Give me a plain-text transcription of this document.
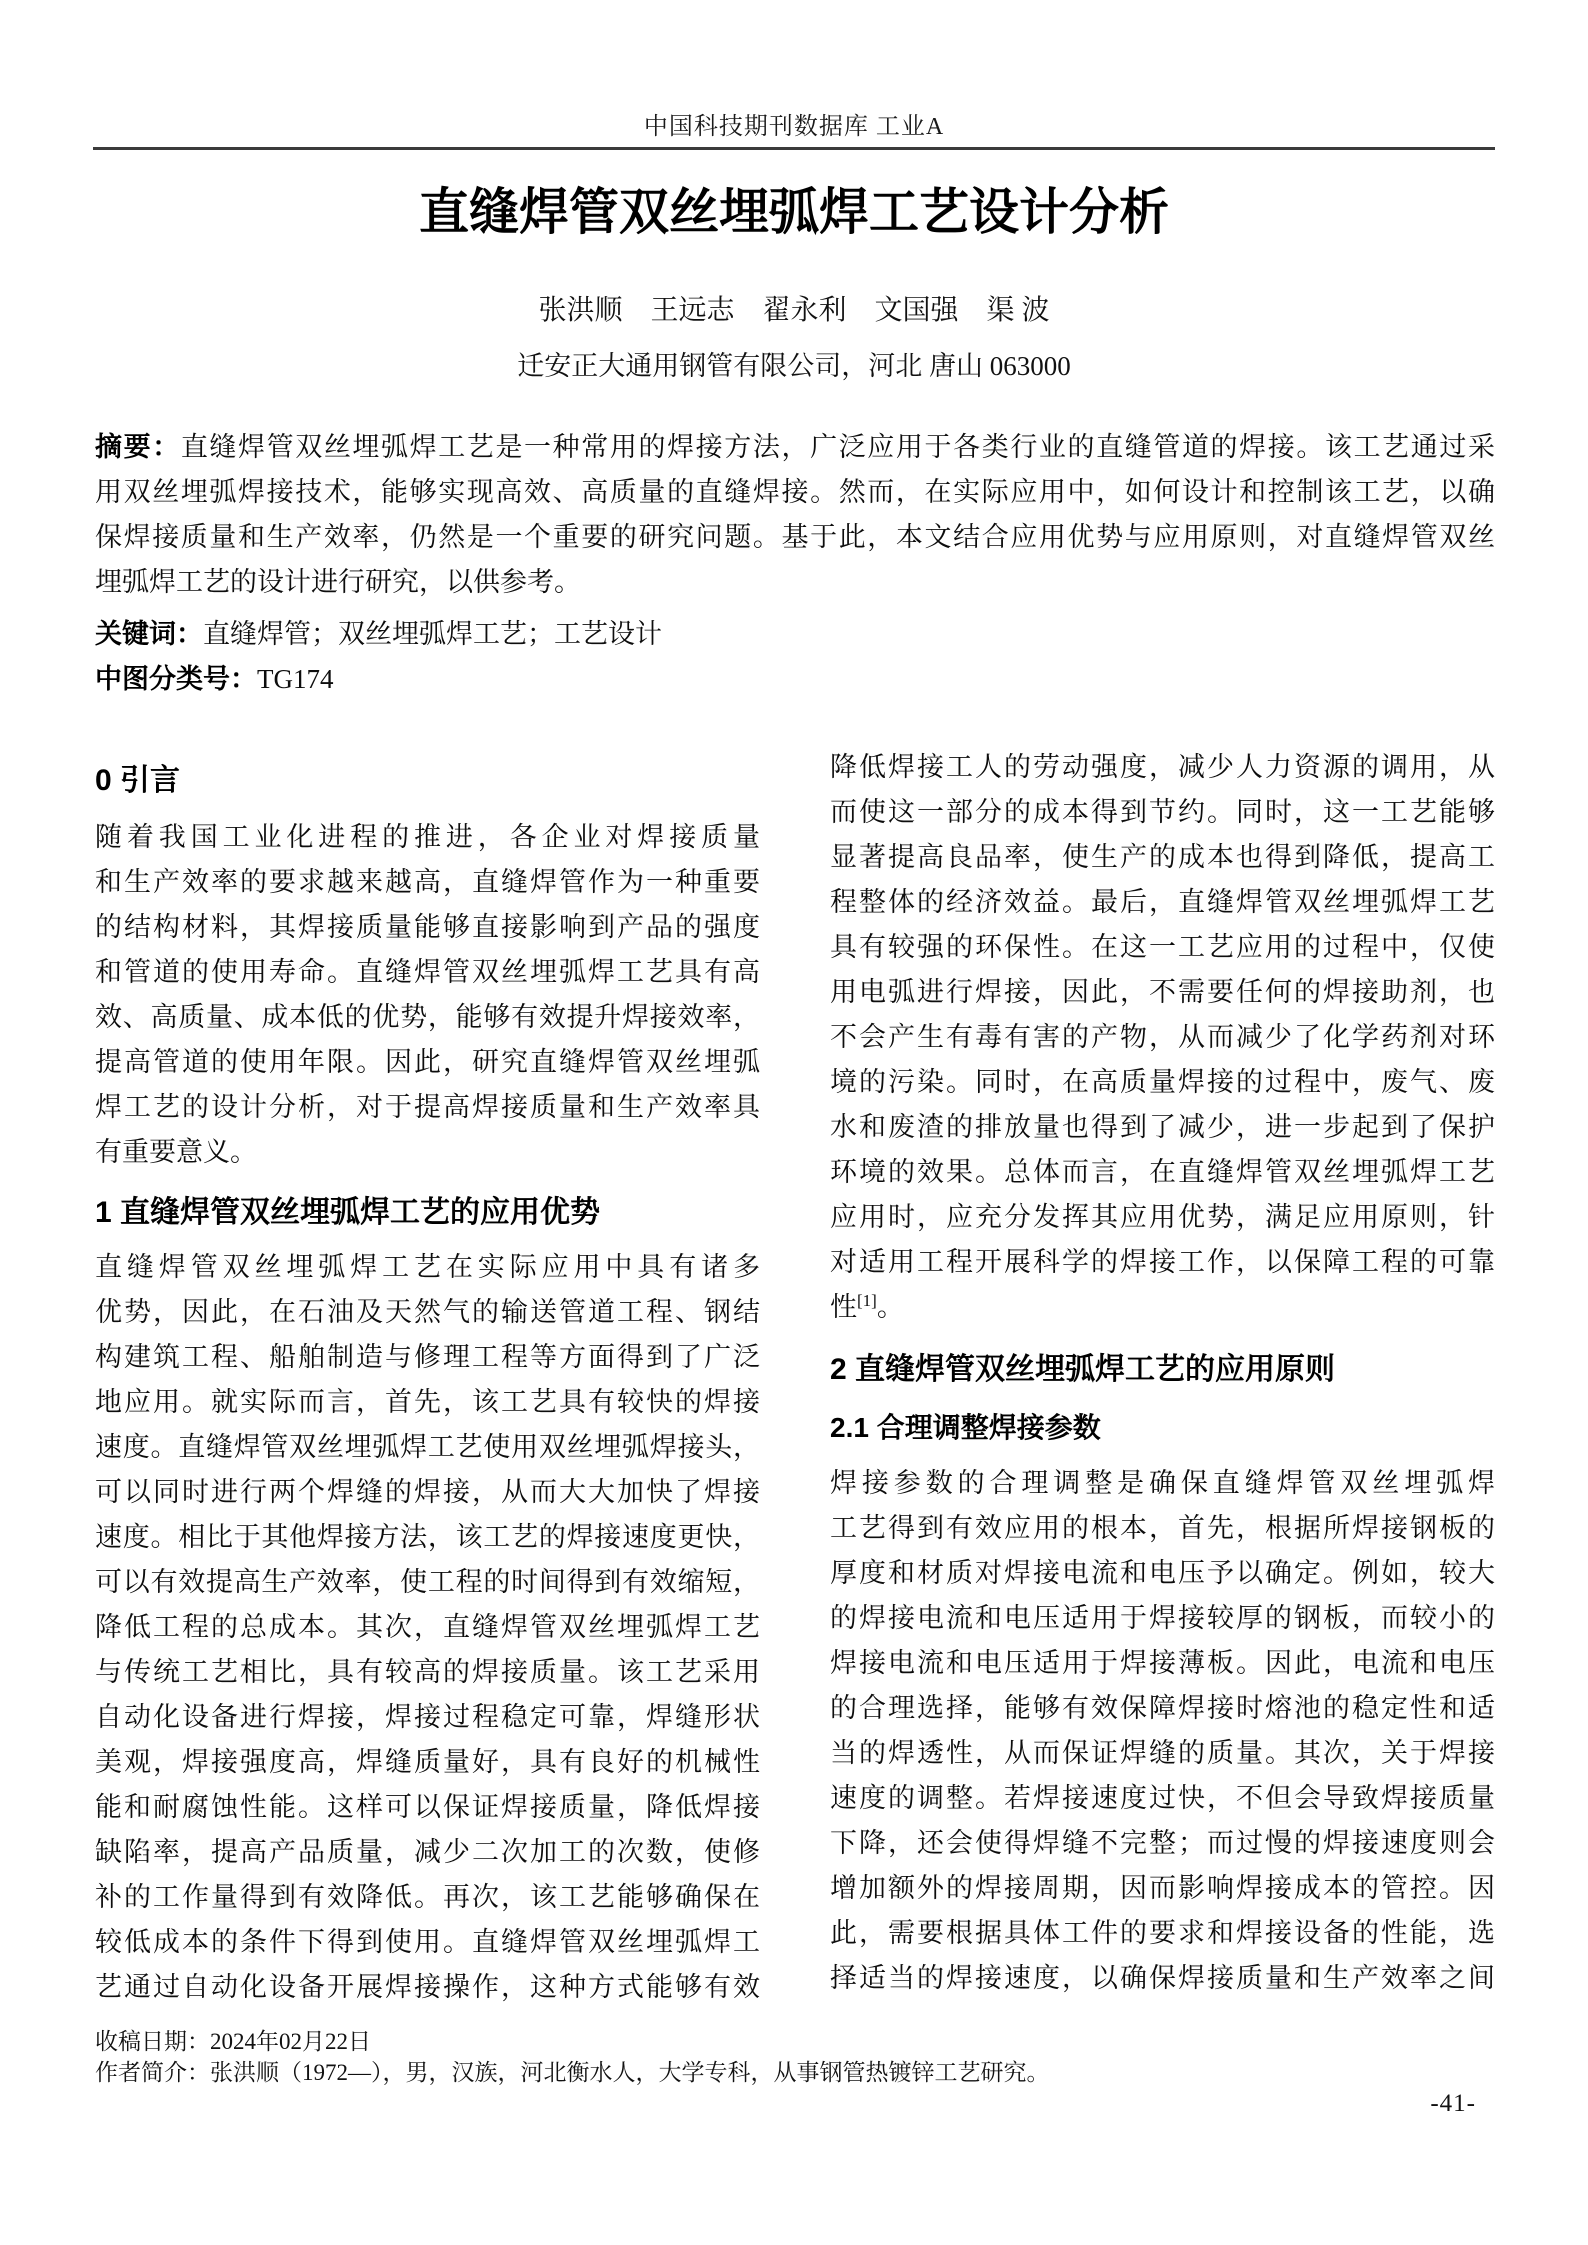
中国科技期刊数据库 工业A
直缝焊管双丝埋弧焊工艺设计分析
张洪顺　王远志　翟永利　文国强　渠 波
迁安正大通用钢管有限公司，河北 唐山 063000
摘要：直缝焊管双丝埋弧焊工艺是一种常用的焊接方法，广泛应用于各类行业的直缝管道的焊接。该工艺通过采
用双丝埋弧焊接技术，能够实现高效、高质量的直缝焊接。然而，在实际应用中，如何设计和控制该工艺，以确
保焊接质量和生产效率，仍然是一个重要的研究问题。基于此，本文结合应用优势与应用原则，对直缝焊管双丝
埋弧焊工艺的设计进行研究，以供参考。
关键词：直缝焊管；双丝埋弧焊工艺；工艺设计
中图分类号：TG174
0 引言
随着我国工业化进程的推进，各企业对焊接质量
和生产效率的要求越来越高，直缝焊管作为一种重要
的结构材料，其焊接质量能够直接影响到产品的强度
和管道的使用寿命。直缝焊管双丝埋弧焊工艺具有高
效、高质量、成本低的优势，能够有效提升焊接效率，
提高管道的使用年限。因此，研究直缝焊管双丝埋弧
焊工艺的设计分析，对于提高焊接质量和生产效率具
有重要意义。
1 直缝焊管双丝埋弧焊工艺的应用优势
直缝焊管双丝埋弧焊工艺在实际应用中具有诸多
优势，因此，在石油及天然气的输送管道工程、钢结
构建筑工程、船舶制造与修理工程等方面得到了广泛
地应用。就实际而言，首先，该工艺具有较快的焊接
速度。直缝焊管双丝埋弧焊工艺使用双丝埋弧焊接头，
可以同时进行两个焊缝的焊接，从而大大加快了焊接
速度。相比于其他焊接方法，该工艺的焊接速度更快，
可以有效提高生产效率，使工程的时间得到有效缩短，
降低工程的总成本。其次，直缝焊管双丝埋弧焊工艺
与传统工艺相比，具有较高的焊接质量。该工艺采用
自动化设备进行焊接，焊接过程稳定可靠，焊缝形状
美观，焊接强度高，焊缝质量好，具有良好的机械性
能和耐腐蚀性能。这样可以保证焊接质量，降低焊接
缺陷率，提高产品质量，减少二次加工的次数，使修
补的工作量得到有效降低。再次，该工艺能够确保在
较低成本的条件下得到使用。直缝焊管双丝埋弧焊工
艺通过自动化设备开展焊接操作，这种方式能够有效
降低焊接工人的劳动强度，减少人力资源的调用，从
而使这一部分的成本得到节约。同时，这一工艺能够
显著提高良品率，使生产的成本也得到降低，提高工
程整体的经济效益。最后，直缝焊管双丝埋弧焊工艺
具有较强的环保性。在这一工艺应用的过程中，仅使
用电弧进行焊接，因此，不需要任何的焊接助剂，也
不会产生有毒有害的产物，从而减少了化学药剂对环
境的污染。同时，在高质量焊接的过程中，废气、废
水和废渣的排放量也得到了减少，进一步起到了保护
环境的效果。总体而言，在直缝焊管双丝埋弧焊工艺
应用时，应充分发挥其应用优势，满足应用原则，针
对适用工程开展科学的焊接工作，以保障工程的可靠
性[1]。
2 直缝焊管双丝埋弧焊工艺的应用原则
2.1 合理调整焊接参数
焊接参数的合理调整是确保直缝焊管双丝埋弧焊
工艺得到有效应用的根本，首先，根据所焊接钢板的
厚度和材质对焊接电流和电压予以确定。例如，较大
的焊接电流和电压适用于焊接较厚的钢板，而较小的
焊接电流和电压适用于焊接薄板。因此，电流和电压
的合理选择，能够有效保障焊接时熔池的稳定性和适
当的焊透性，从而保证焊缝的质量。其次，关于焊接
速度的调整。若焊接速度过快，不但会导致焊接质量
下降，还会使得焊缝不完整；而过慢的焊接速度则会
增加额外的焊接周期，因而影响焊接成本的管控。因
此，需要根据具体工件的要求和焊接设备的性能，选
择适当的焊接速度，以确保焊接质量和生产效率之间
收稿日期：2024年02月22日
作者简介：张洪顺（1972—），男，汉族，河北衡水人，大学专科，从事钢管热镀锌工艺研究。
-41-
